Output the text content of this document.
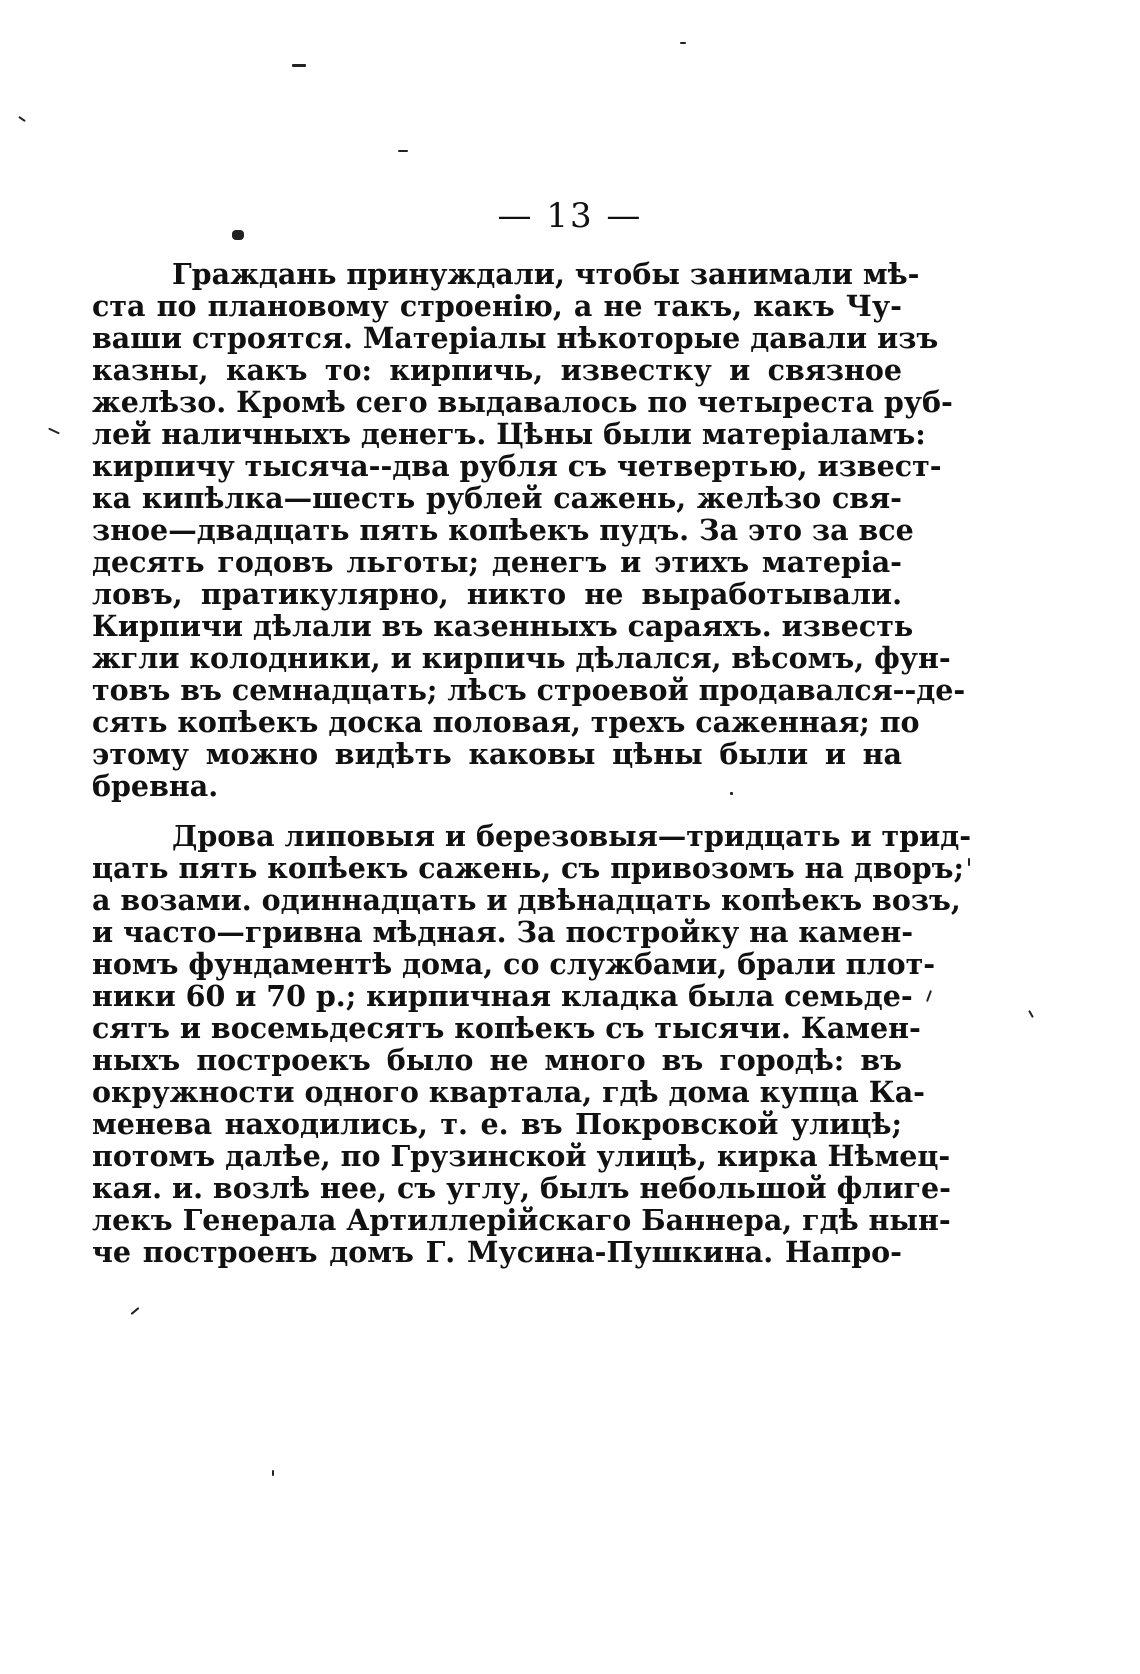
— 13 —
Граждань принуждали, чтобы занимали мѣ-
ста по плановому строенію, а не такъ, какъ Чу-
ваши строятся. Матеріалы нѣкоторые давали изъ
казны, какъ то: кирпичь, известку и связное
желѣзо. Кромѣ сего выдавалось по четыреста руб-
лей наличныхъ денегъ. Цѣны были матеріаламъ:
кирпичу тысяча--два рубля съ четвертью, извест-
ка кипѣлка—шесть рублей сажень, желѣзо свя-
зное—двадцать пять копѣекъ пудъ. За это за все
десять годовъ льготы; денегъ и этихъ матеріа-
ловъ, пратикулярно, никто не выработывали.
Кирпичи дѣлали въ казенныхъ сараяхъ. известь
жгли колодники, и кирпичь дѣлался, вѣсомъ, фун-
товъ въ семнадцать; лѣсъ строевой продавался--де-
сять копѣекъ доска половая, трехъ саженная; по
этому можно видѣть каковы цѣны были и на
бревна.
Дрова липовыя и березовыя—тридцать и трид-
цать пять копѣекъ сажень, съ привозомъ на дворъ;
а возами. одиннадцать и двѣнадцать копѣекъ возъ,
и часто—гривна мѣдная. За постройку на камен-
номъ фундаментѣ дома, со службами, брали плот-
ники 60 и 70 р.; кирпичная кладка была семьде-
сятъ и восемьдесятъ копѣекъ съ тысячи. Камен-
ныхъ построекъ было не много въ городѣ: въ
окружности одного квартала, гдѣ дома купца Ка-
менева находились, т. е. въ Покровской улицѣ;
потомъ далѣе, по Грузинской улицѣ, кирка Нѣмец-
кая. и. возлѣ нее, съ углу, былъ небольшой флиге-
лекъ Генерала Артиллерійскаго Баннера, гдѣ нын-
че построенъ домъ Г. Мусина-Пушкина. Напро-
